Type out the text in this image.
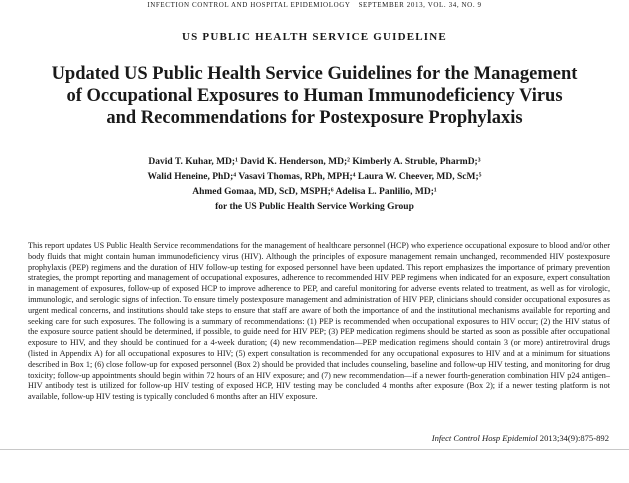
INFECTION CONTROL AND HOSPITAL EPIDEMIOLOGY SEPTEMBER 2013, VOL. 34, NO. 9
US PUBLIC HEALTH SERVICE GUIDELINE
Updated US Public Health Service Guidelines for the Management
of Occupational Exposures to Human Immunodeficiency Virus
and Recommendations for Postexposure Prophylaxis
David T. Kuhar, MD;¹ David K. Henderson, MD;² Kimberly A. Struble, PharmD;³
Walid Heneine, PhD;⁴ Vasavi Thomas, RPh, MPH;⁴ Laura W. Cheever, MD, ScM;⁵
Ahmed Gomaa, MD, ScD, MSPH;⁶ Adelisa L. Panlilio, MD;¹
for the US Public Health Service Working Group

This report updates US Public Health Service recommendations for the management of healthcare personnel (HCP) who experience occupational exposure to blood and/or other body fluids that might contain human immunodeficiency virus (HIV). Although the principles of exposure management remain unchanged, recommended HIV postexposure prophylaxis (PEP) regimens and the duration of HIV follow-up testing for exposed personnel have been updated. This report emphasizes the importance of primary prevention strategies, the prompt reporting and management of occupational exposures, adherence to recommended HIV PEP regimens when indicated for an exposure, expert consultation in management of exposures, follow-up of exposed HCP to improve adherence to PEP, and careful monitoring for adverse events related to treatment, as well as for virologic, immunologic, and serologic signs of infection. To ensure timely postexposure management and administration of HIV PEP, clinicians should consider occupational exposures as urgent medical concerns, and institutions should take steps to ensure that staff are aware of both the importance of and the institutional mechanisms available for reporting and seeking care for such exposures. The following is a summary of recommendations: (1) PEP is recommended when occupational exposures to HIV occur; (2) the HIV status of the exposure source patient should be determined, if possible, to guide need for HIV PEP; (3) PEP medication regimens should be started as soon as possible after occupational exposure to HIV, and they should be continued for a 4-week duration; (4) new recommendation—PEP medication regimens should contain 3 (or more) antiretroviral drugs (listed in Appendix A) for all occupational exposures to HIV; (5) expert consultation is recommended for any occupational exposures to HIV and at a minimum for situations described in Box 1; (6) close follow-up for exposed personnel (Box 2) should be provided that includes counseling, baseline and follow-up HIV testing, and monitoring for drug toxicity; follow-up appointments should begin within 72 hours of an HIV exposure; and (7) new recommendation—if a newer fourth-generation combination HIV p24 antigen–HIV antibody test is utilized for follow-up HIV testing of exposed HCP, HIV testing may be concluded 4 months after exposure (Box 2); if a newer testing platform is not available, follow-up HIV testing is typically concluded 6 months after an HIV exposure.

Infect Control Hosp Epidemiol 2013;34(9):875-892
